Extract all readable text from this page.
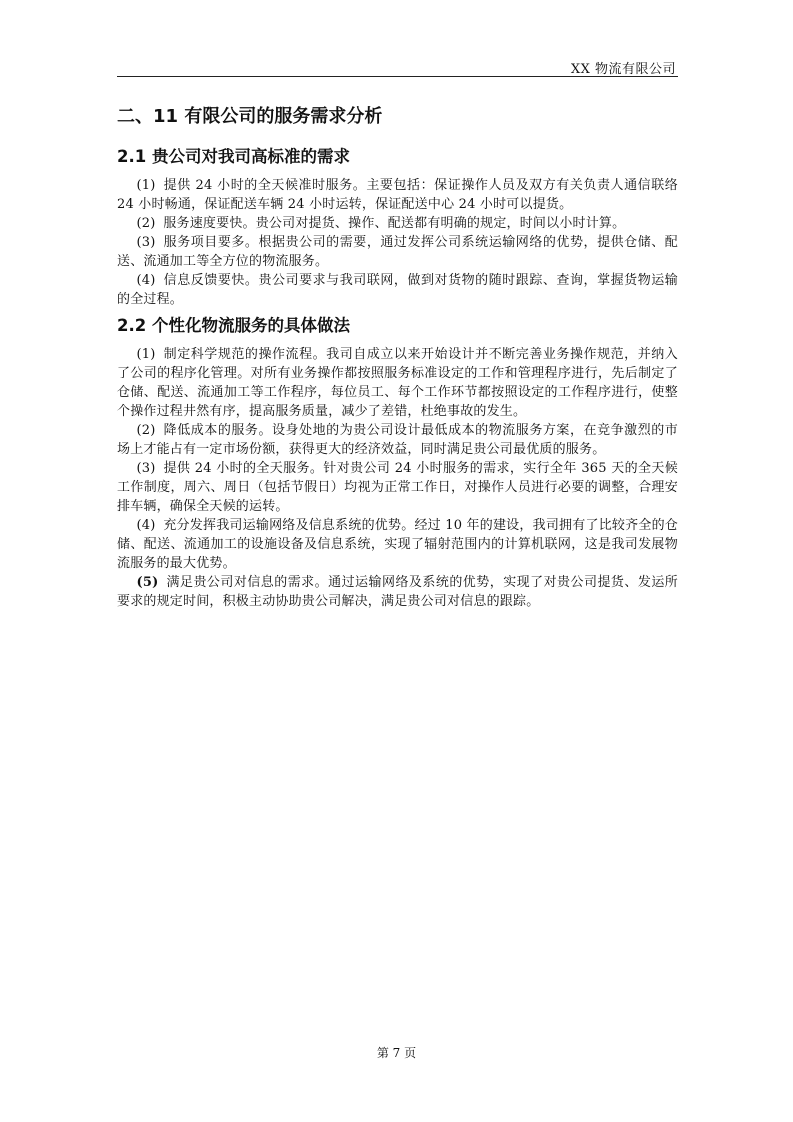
XX 物流有限公司
二、11 有限公司的服务需求分析
2.1 贵公司对我司高标准的需求

(1) 提供 24 小时的全天候准时服务。主要包括：保证操作人员及双方有关负责人通信联络 24 小时畅通，保证配送车辆 24 小时运转，保证配送中心 24 小时可以提货。

(2) 服务速度要快。贵公司对提货、操作、配送都有明确的规定，时间以小时计算。

(3) 服务项目要多。根据贵公司的需要，通过发挥公司系统运输网络的优势，提供仓储、配送、流通加工等全方位的物流服务。

(4) 信息反馈要快。贵公司要求与我司联网，做到对货物的随时跟踪、查询，掌握货物运输的全过程。

2.2 个性化物流服务的具体做法

(1) 制定科学规范的操作流程。我司自成立以来开始设计并不断完善业务操作规范，并纳入了公司的程序化管理。对所有业务操作都按照服务标准设定的工作和管理程序进行，先后制定了仓储、配送、流通加工等工作程序，每位员工、每个工作环节都按照设定的工作程序进行，使整个操作过程井然有序，提高服务质量，减少了差错，杜绝事故的发生。

(2) 降低成本的服务。设身处地的为贵公司设计最低成本的物流服务方案，在竞争激烈的市场上才能占有一定市场份额，获得更大的经济效益，同时满足贵公司最优质的服务。

(3) 提供 24 小时的全天服务。针对贵公司 24 小时服务的需求，实行全年 365 天的全天候工作制度，周六、周日（包括节假日）均视为正常工作日，对操作人员进行必要的调整，合理安排车辆，确保全天候的运转。

(4) 充分发挥我司运输网络及信息系统的优势。经过 10 年的建设，我司拥有了比较齐全的仓储、配送、流通加工的设施设备及信息系统，实现了辐射范围内的计算机联网，这是我司发展物流服务的最大优势。

(5) 满足贵公司对信息的需求。通过运输网络及系统的优势，实现了对贵公司提货、发运所要求的规定时间，积极主动协助贵公司解决，满足贵公司对信息的跟踪。

第 7 页
